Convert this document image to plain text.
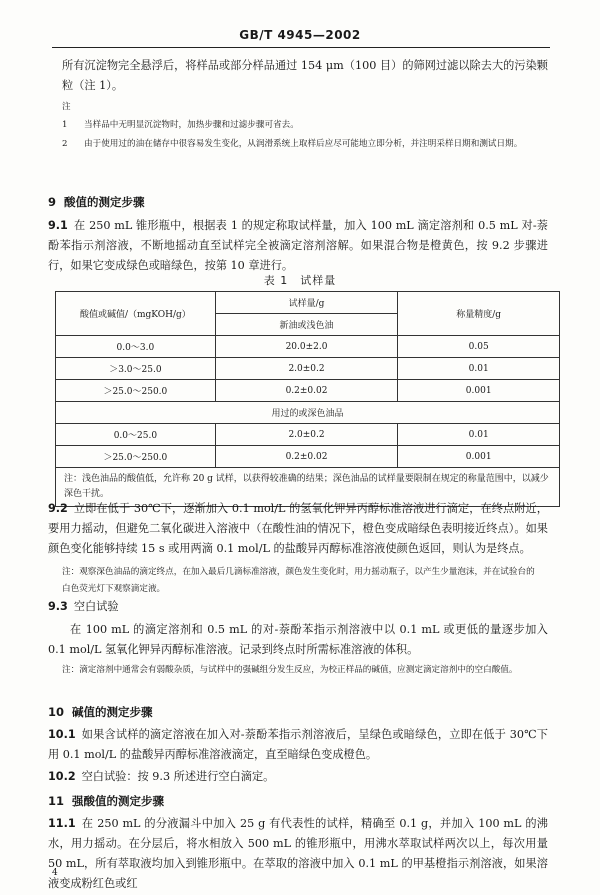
GB/T 4945—2002
所有沉淀物完全悬浮后，将样品或部分样品通过 154 μm（100 目）的筛网过滤以除去大的污染颗粒（注 1）。
注
1 当样品中无明显沉淀物时，加热步骤和过滤步骤可省去。
2 由于使用过的油在储存中很容易发生变化，从润滑系统上取样后应尽可能地立即分析，并注明采样日期和测试日期。
9 酸值的测定步骤
9.1 在 250 mL 锥形瓶中，根据表 1 的规定称取试样量，加入 100 mL 滴定溶剂和 0.5 mL 对-萘酚苯指示剂溶液，不断地摇动直至试样完全被滴定溶剂溶解。如果混合物是橙黄色，按 9.2 步骤进行，如果它变成绿色或暗绿色，按第 10 章进行。
表 1　试样量
酸值或碱值/（mgKOH/g）	试样量/g	称量精度/g
	新油或浅色油	
0.0～3.0	20.0±2.0	0.05
＞3.0～25.0	2.0±0.2	0.01
＞25.0～250.0	0.2±0.02	0.001
用过的或深色油品		
0.0～25.0	2.0±0.2	0.01
＞25.0～250.0	0.2±0.02	0.001
注：浅色油品的酸值低，允许称 20 g 试样，以获得较准确的结果；深色油品的试样量要限制在规定的称量范围中，以减少深色干扰。		
9.2 立即在低于 30℃下，逐渐加入 0.1 mol/L 的氢氧化钾异丙醇标准溶液进行滴定，在终点附近，要用力摇动，但避免二氧化碳进入溶液中（在酸性油的情况下，橙色变成暗绿色表明接近终点）。如果颜色变化能够持续 15 s 或用两滴 0.1 mol/L 的盐酸异丙醇标准溶液使颜色返回，则认为是终点。
注：观察深色油品的滴定终点，在加入最后几滴标准溶液，颜色发生变化时，用力摇动瓶子，以产生少量泡沫，并在试验台的白色荧光灯下观察滴定液。
9.3 空白试验
在 100 mL 的滴定溶剂和 0.5 mL 的对-萘酚苯指示剂溶液中以 0.1 mL 或更低的量逐步加入 0.1 mol/L 氢氧化钾异丙醇标准溶液。记录到终点时所需标准溶液的体积。
注：滴定溶剂中通常会有弱酸杂质，与试样中的强碱组分发生反应，为校正样品的碱值，应测定滴定溶剂中的空白酸值。
10 碱值的测定步骤
10.1 如果含试样的滴定溶液在加入对-萘酚苯指示剂溶液后，呈绿色或暗绿色，立即在低于 30℃下用 0.1 mol/L 的盐酸异丙醇标准溶液滴定，直至暗绿色变成橙色。
10.2 空白试验：按 9.3 所述进行空白滴定。
11 强酸值的测定步骤
11.1 在 250 mL 的分液漏斗中加入 25 g 有代表性的试样，精确至 0.1 g，并加入 100 mL 的沸水，用力摇动。在分层后，将水相放入 500 mL 的锥形瓶中，用沸水萃取试样两次以上，每次用量 50 mL，所有萃取液均加入到锥形瓶中。在萃取的溶液中加入 0.1 mL 的甲基橙指示剂溶液，如果溶液变成粉红色或红
4
